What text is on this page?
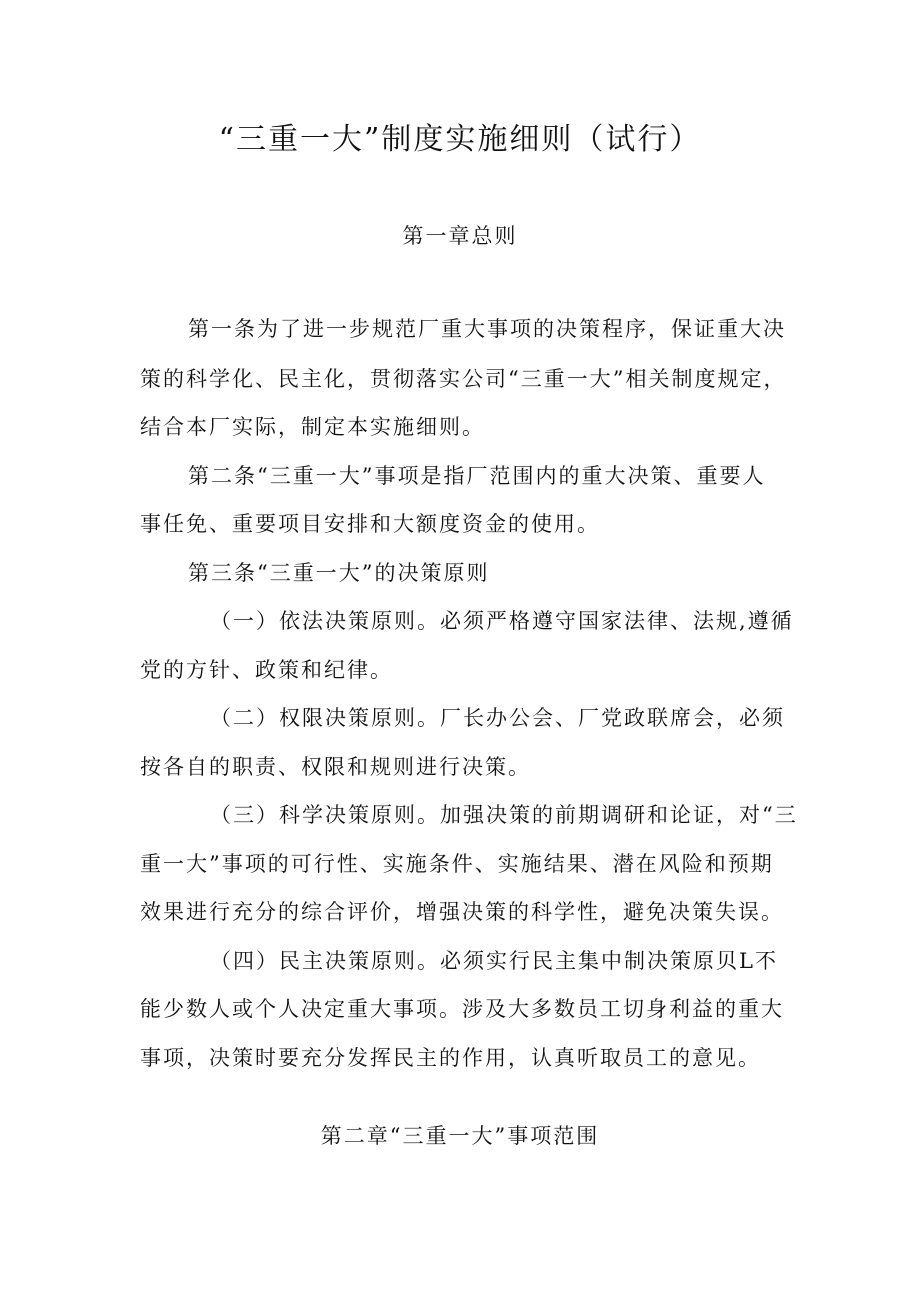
“三重一大”制度实施细则（试行）
第一章总则
第一条为了进一步规范厂重大事项的决策程序，保证重大决
策的科学化、民主化，贯彻落实公司“三重一大”相关制度规定，
结合本厂实际，制定本实施细则。
第二条“三重一大”事项是指厂范围内的重大决策、重要人
事任免、重要项目安排和大额度资金的使用。
第三条“三重一大”的决策原则
（一）依法决策原则。必须严格遵守国家法律、法规,遵循
党的方针、政策和纪律。
（二）权限决策原则。厂长办公会、厂党政联席会，必须
按各自的职责、权限和规则进行决策。
（三）科学决策原则。加强决策的前期调研和论证，对“三
重一大”事项的可行性、实施条件、实施结果、潜在风险和预期
效果进行充分的综合评价，增强决策的科学性，避免决策失误。
（四）民主决策原则。必须实行民主集中制决策原贝L不
能少数人或个人决定重大事项。涉及大多数员工切身利益的重大
事项，决策时要充分发挥民主的作用，认真听取员工的意见。
第二章“三重一大”事项范围
